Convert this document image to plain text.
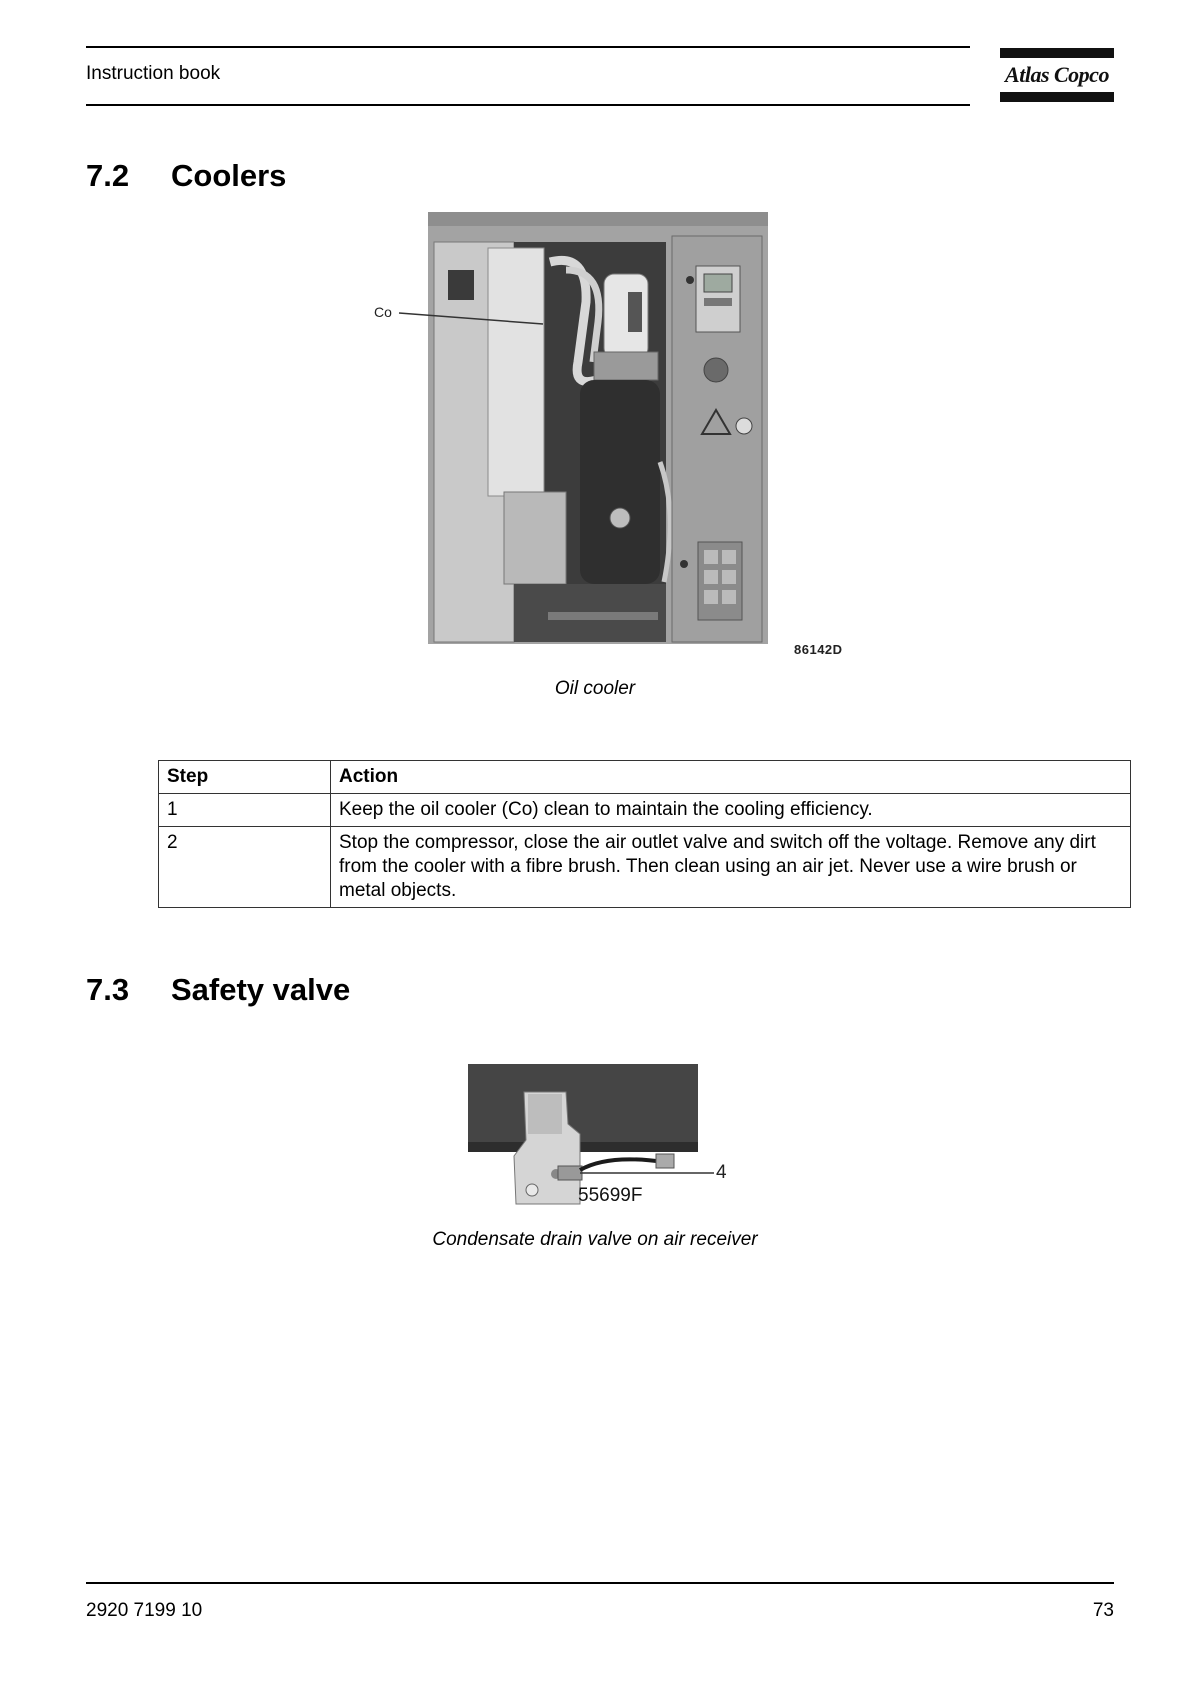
Instruction book	Atlas Copco
7.2 Coolers
Co
86142D
Oil cooler
Step	Action
1	Keep the oil cooler (Co) clean to maintain the cooling efficiency.
2	Stop the compressor, close the air outlet valve and switch off the voltage. Remove any dirt from the cooler with a fibre brush. Then clean using an air jet. Never use a wire brush or metal objects.
7.3 Safety valve
4
55699F
Condensate drain valve on air receiver
2920 7199 10	73
